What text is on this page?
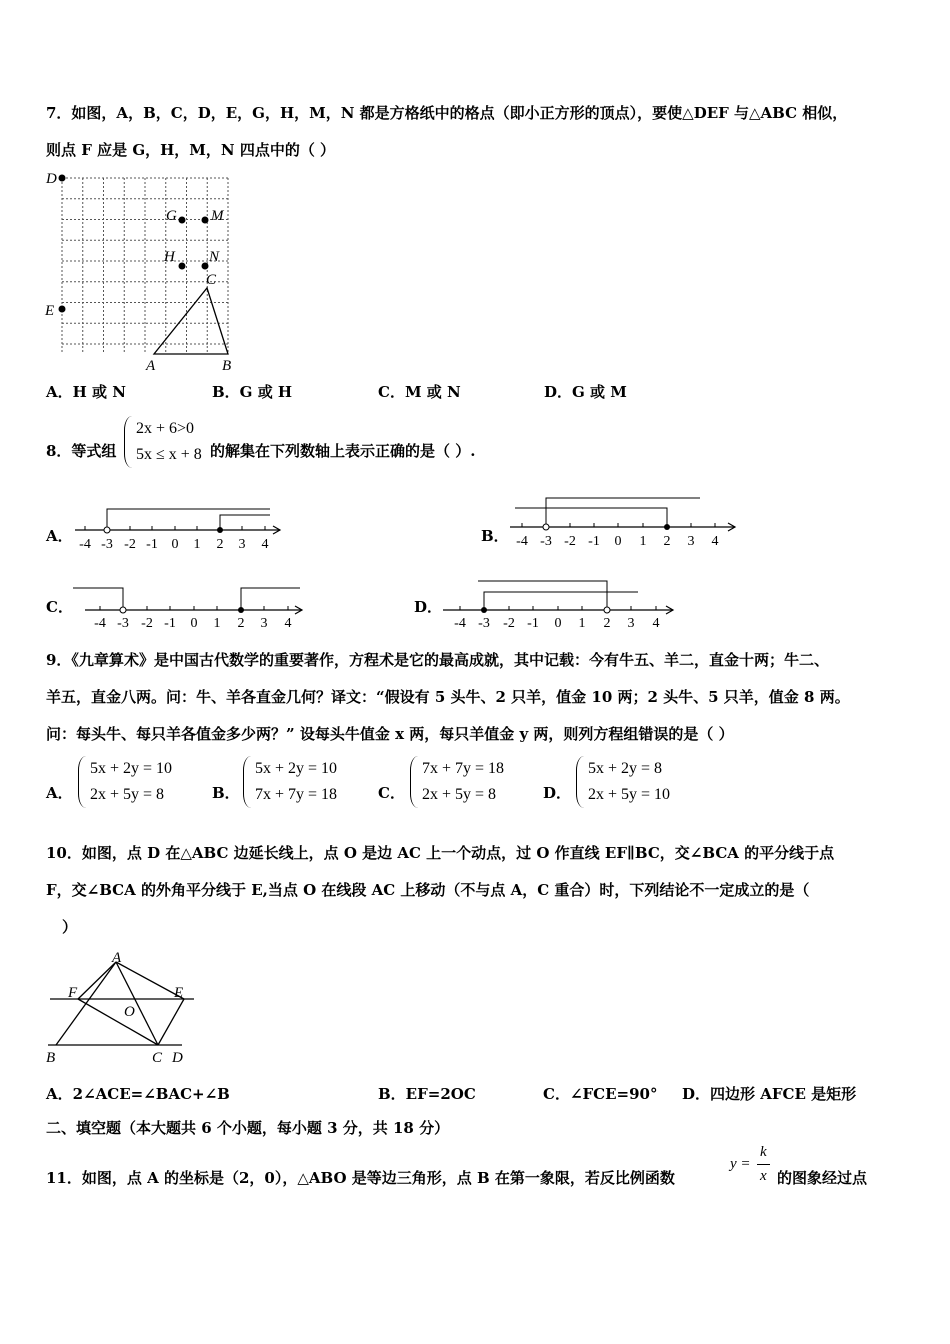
7．如图，A，B，C，D，E，G，H，M，N 都是方格纸中的格点（即小正方形的顶点），要使△DEF 与△ABC 相似，
则点 F 应是 G，H，M，N 四点中的（ ）
D
E
G M
H N
C
A	B
A．H 或 N	B．G 或 H	C．M 或 N	D．G 或 M
8．等式组
2x + 6>0
5x ≤ x + 8 的解集在下列数轴上表示正确的是（ ）.
A． -4 -3 -2 -1 0 1 2 3 4	B． -4 -3 -2 -1 0 1 2 3 4
C．
-4 -3 -2 -1 0 1 2 3 4
D．
-4 -3 -2 -1 0 1 2 3 4
9．《九章算术》是中国古代数学的重要著作，方程术是它的最高成就，其中记载：今有牛五、羊二，直金十两；牛二、
羊五，直金八两。问：牛、羊各直金几何？译文：“假设有 5 头牛、2 只羊，值金 10 两；2 头牛、5 只羊，值金 8 两。
问：每头牛、每只羊各值金多少两？” 设每头牛值金 x 两，每只羊值金 y 两，则列方程组错误的是（ ）
A．
5x + 2y = 10
2x + 5y = 8	B．
5x + 2y = 10
7x + 7y = 18	C．
7x + 7y = 18
2x + 5y = 8	D．
5x + 2y = 8
2x + 5y = 10
10．如图，点 D 在△ABC 边延长线上，点 O 是边 AC 上一个动点，过 O 作直线 EF∥BC，交∠BCA 的平分线于点
F，交∠BCA 的外角平分线于 E,当点 O 在线段 AC 上移动（不与点 A，C 重合）时，下列结论不一定成立的是（
）
A
F	E
O
B	C D
A．2∠ACE=∠BAC+∠B	B．EF=2OC	C．∠FCE=90° D．四边形 AFCE 是矩形
二、填空题（本大题共 6 个小题，每小题 3 分，共 18 分）
11．如图，点 A 的坐标是（2，0），△ABO 是等边三角形，点 B 在第一象限，若反比例函数
y =
k
x 的图象经过点
